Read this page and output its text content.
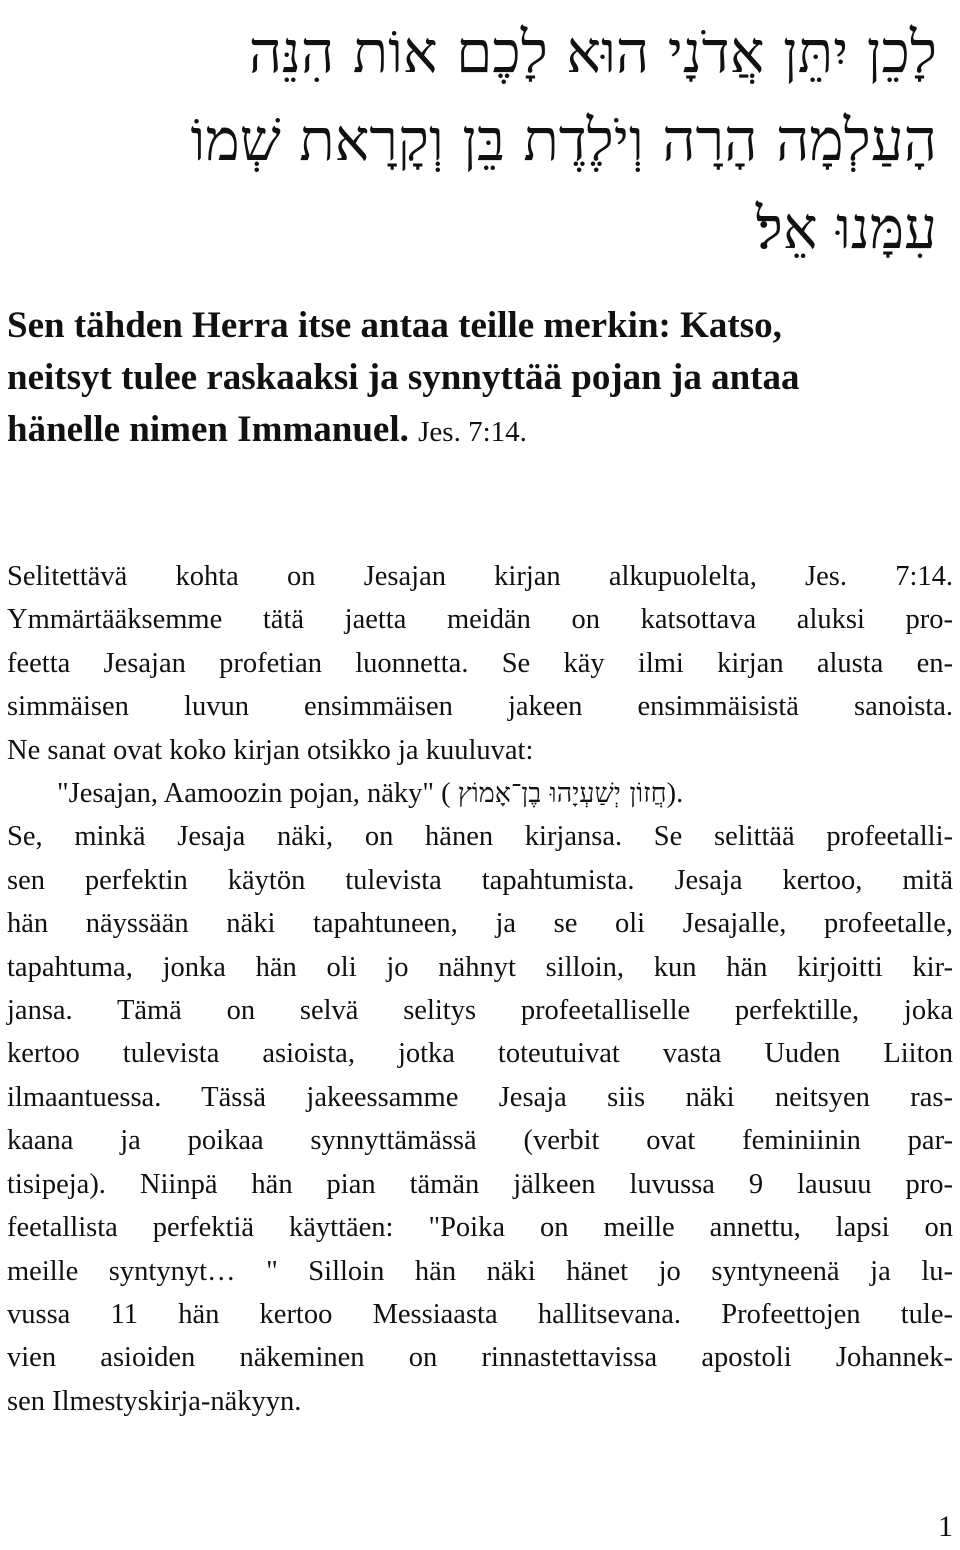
לָכֵן יִתֵּן אֲדֹנָי הוּא לָכֶם אוֹת הִנֵּה
הָעַלְמָה הָרָה וְיֹלֶדֶת בֵּן וְקָרָאת שְׁמוֹ
עִמָּנוּ אֵל׃

Sen tähden Herra itse antaa teille merkin: Katso,
neitsyt tulee raskaaksi ja synnyttää pojan ja antaa
hänelle nimen Immanuel. Jes. 7:14.

Selitettävä kohta on Jesajan kirjan alkupuolelta, Jes. 7:14.
Ymmärtääksemme tätä jaetta meidän on katsottava aluksi pro-
feetta Jesajan profetian luonnetta. Se käy ilmi kirjan alusta en-
simmäisen luvun ensimmäisen jakeen ensimmäisistä sanoista.
Ne sanat ovat koko kirjan otsikko ja kuuluvat:
"Jesajan, Aamoozin pojan, näky" ( חֲזוֹן יְשַׁעְיָהוּ בֶן־אָמוֹץ).
Se, minkä Jesaja näki, on hänen kirjansa. Se selittää profeetalli-
sen perfektin käytön tulevista tapahtumista. Jesaja kertoo, mitä
hän näyssään näki tapahtuneen, ja se oli Jesajalle, profeetalle,
tapahtuma, jonka hän oli jo nähnyt silloin, kun hän kirjoitti kir-
jansa. Tämä on selvä selitys profeetalliselle perfektille, joka
kertoo tulevista asioista, jotka toteutuivat vasta Uuden Liiton
ilmaantuessa. Tässä jakeessamme Jesaja siis näki neitsyen ras-
kaana ja poikaa synnyttämässä (verbit ovat feminiinin par-
tisipeja). Niinpä hän pian tämän jälkeen luvussa 9 lausuu pro-
feetallista perfektiä käyttäen: "Poika on meille annettu, lapsi on
meille syntynyt… " Silloin hän näki hänet jo syntyneenä ja lu-
vussa 11 hän kertoo Messiaasta hallitsevana. Profeettojen tule-
vien asioiden näkeminen on rinnastettavissa apostoli Johannek-
sen Ilmestyskirja-näkyyn.
1
